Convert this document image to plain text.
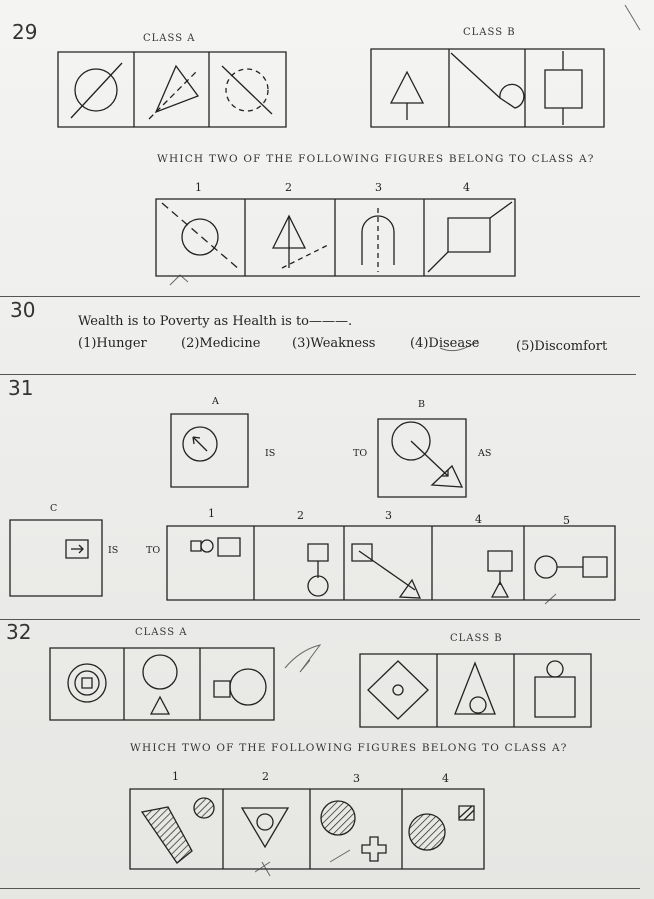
29	CLASS A
CLASS B
WHICH TWO OF THE FOLLOWING FIGURES BELONG TO CLASS A?
1	2	3	4
30	Wealth is to Poverty as Health is to———.
(1)Hunger	(2)Medicine (3)Weakness	(4)Disease	(5)Discomfort
31
A	B
IS	TO	AS
C
IS	TO
1	2	3	4	5
32	CLASS A
CLASS B
WHICH TWO OF THE FOLLOWING FIGURES BELONG TO CLASS A?
1	2	3	4
